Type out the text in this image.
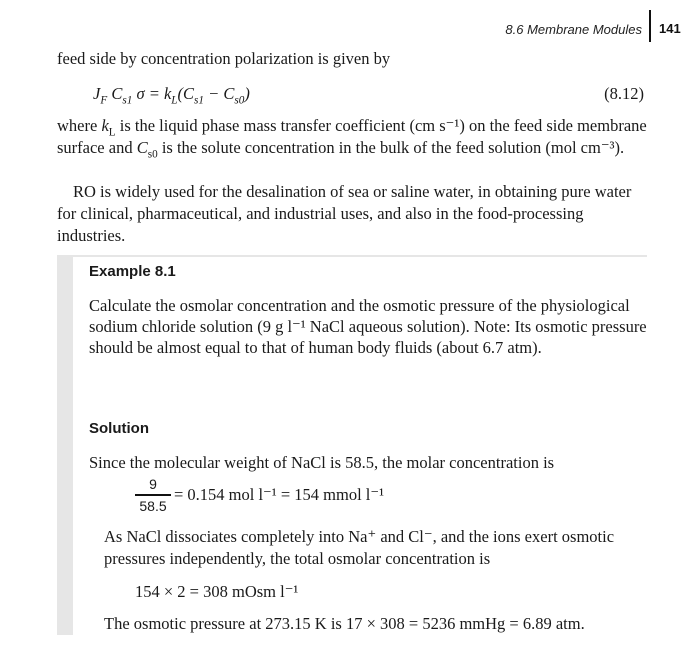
8.6 Membrane Modules 141

feed side by concentration polarization is given by

$J_F$ $C_{s1}$ $\sigma = k_L(C_{s1} - C_{s0})$	(8.12)

where $k_L$ is the liquid phase mass transfer coefficient (cm s⁻¹) on the feed side membrane surface and $C_{s0}$ is the solute concentration in the bulk of the feed solution (mol cm⁻³).

RO is widely used for the desalination of sea or saline water, in obtaining pure water for clinical, pharmaceutical, and industrial uses, and also in the food-processing industries.

Example 8.1

Calculate the osmolar concentration and the osmotic pressure of the physiological sodium chloride solution (9 g l⁻¹ NaCl aqueous solution). Note: Its osmotic pressure should be almost equal to that of human body fluids (about 6.7 atm).

Solution

Since the molecular weight of NaCl is 58.5, the molar concentration is

9
58.5
= 0.154 mol l⁻¹ = 154 mmol l⁻¹

As NaCl dissociates completely into Na⁺ and Cl⁻, and the ions exert osmotic pressures independently, the total osmolar concentration is

154 × 2 = 308 mOsm l⁻¹
The osmotic pressure at 273.15 K is 17 × 308 = 5236 mmHg = 6.89 atm.
